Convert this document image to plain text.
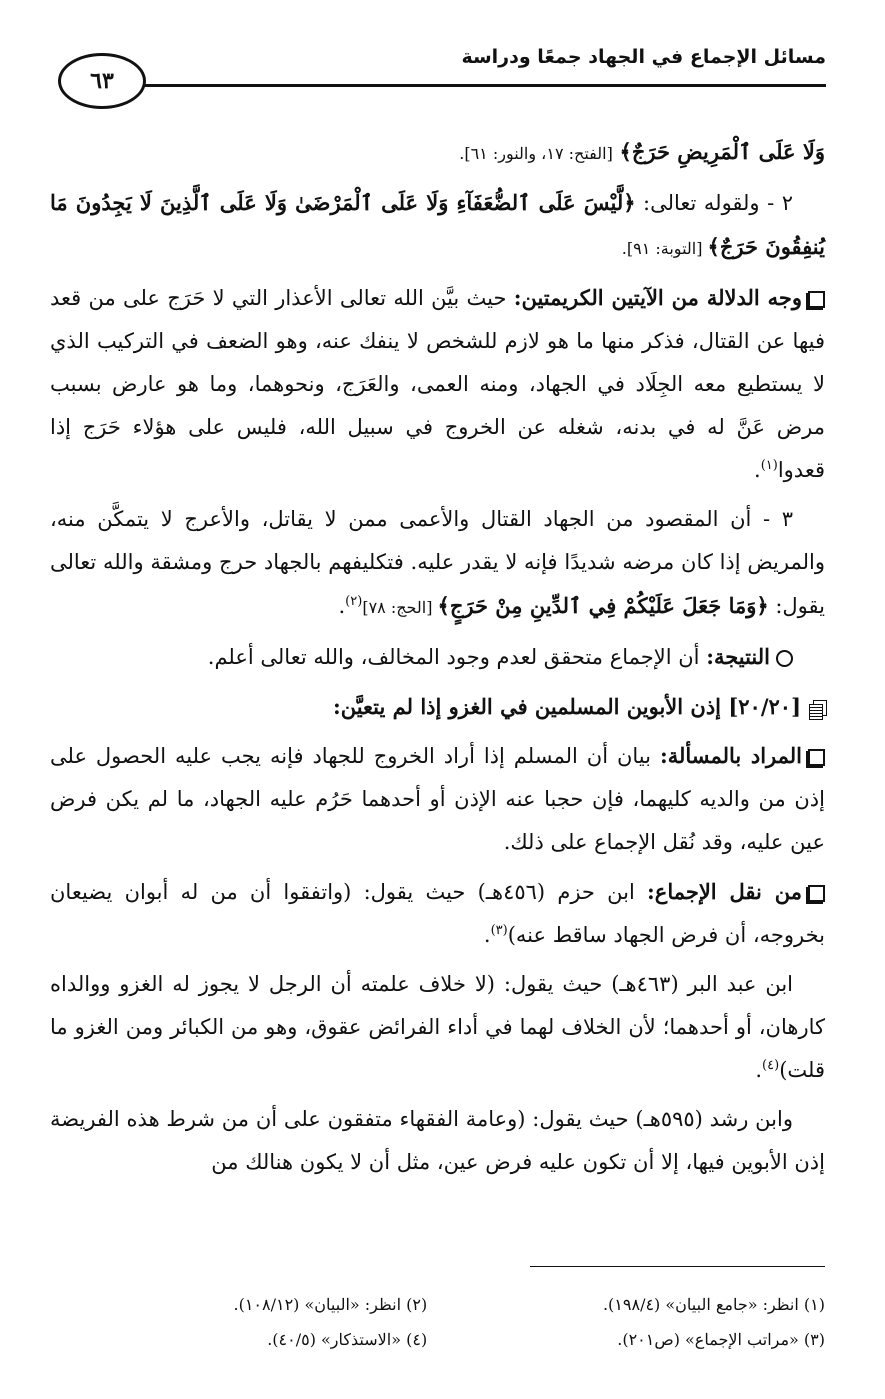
مسائل الإجماع في الجهاد جمعًا ودراسة
٦٣

وَلَا عَلَى ٱلْمَرِيضِ حَرَجٌ﴾ [الفتح: ١٧، والنور: ٦١].

٢ - ولقوله تعالى: ﴿لَّيْسَ عَلَى ٱلضُّعَفَآءِ وَلَا عَلَى ٱلْمَرْضَىٰ وَلَا عَلَى ٱلَّذِينَ لَا يَجِدُونَ مَا يُنفِقُونَ حَرَجٌ﴾ [التوبة: ٩١].

وجه الدلالة من الآيتين الكريمتين: حيث بيَّن الله تعالى الأعذار التي لا حَرَج على من قعد فيها عن القتال، فذكر منها ما هو لازم للشخص لا ينفك عنه، وهو الضعف في التركيب الذي لا يستطيع معه الجِلَاد في الجهاد، ومنه العمى، والعَرَج، ونحوهما، وما هو عارض بسبب مرض عَنَّ له في بدنه، شغله عن الخروج في سبيل الله، فليس على هؤلاء حَرَج إذا قعدوا$^{(١)}$.

٣ - أن المقصود من الجهاد القتال والأعمى ممن لا يقاتل، والأعرج لا يتمكَّن منه، والمريض إذا كان مرضه شديدًا فإنه لا يقدر عليه. فتكليفهم بالجهاد حرج ومشقة والله تعالى يقول: ﴿وَمَا جَعَلَ عَلَيْكُمْ فِي ٱلدِّينِ مِنْ حَرَجٍ﴾ [الحج: ٧٨]$^{(٢)}$.

النتيجة: أن الإجماع متحقق لعدم وجود المخالف، والله تعالى أعلم.

[٢٠/٢٠] إذن الأبوين المسلمين في الغزو إذا لم يتعيَّن:

المراد بالمسألة: بيان أن المسلم إذا أراد الخروج للجهاد فإنه يجب عليه الحصول على إذن من والديه كليهما، فإن حجبا عنه الإذن أو أحدهما حَرُم عليه الجهاد، ما لم يكن فرض عين عليه، وقد نُقل الإجماع على ذلك.

من نقل الإجماع: ابن حزم (٤٥٦هـ) حيث يقول: (واتفقوا أن من له أبوان يضيعان بخروجه، أن فرض الجهاد ساقط عنه)$^{(٣)}$.

ابن عبد البر (٤٦٣هـ) حيث يقول: (لا خلاف علمته أن الرجل لا يجوز له الغزو ووالداه كارهان، أو أحدهما؛ لأن الخلاف لهما في أداء الفرائض عقوق، وهو من الكبائر ومن الغزو ما قلت)$^{(٤)}$.

وابن رشد (٥٩٥هـ) حيث يقول: (وعامة الفقهاء متفقون على أن من شرط هذه الفريضة إذن الأبوين فيها، إلا أن تكون عليه فرض عين، مثل أن لا يكون هنالك من

(١) انظر: «جامع البيان» (١٩٨/٤).
(٢) انظر: «البيان» (١٠٨/١٢).
(٣) «مراتب الإجماع» (ص٢٠١).
(٤) «الاستذكار» (٤٠/٥).
